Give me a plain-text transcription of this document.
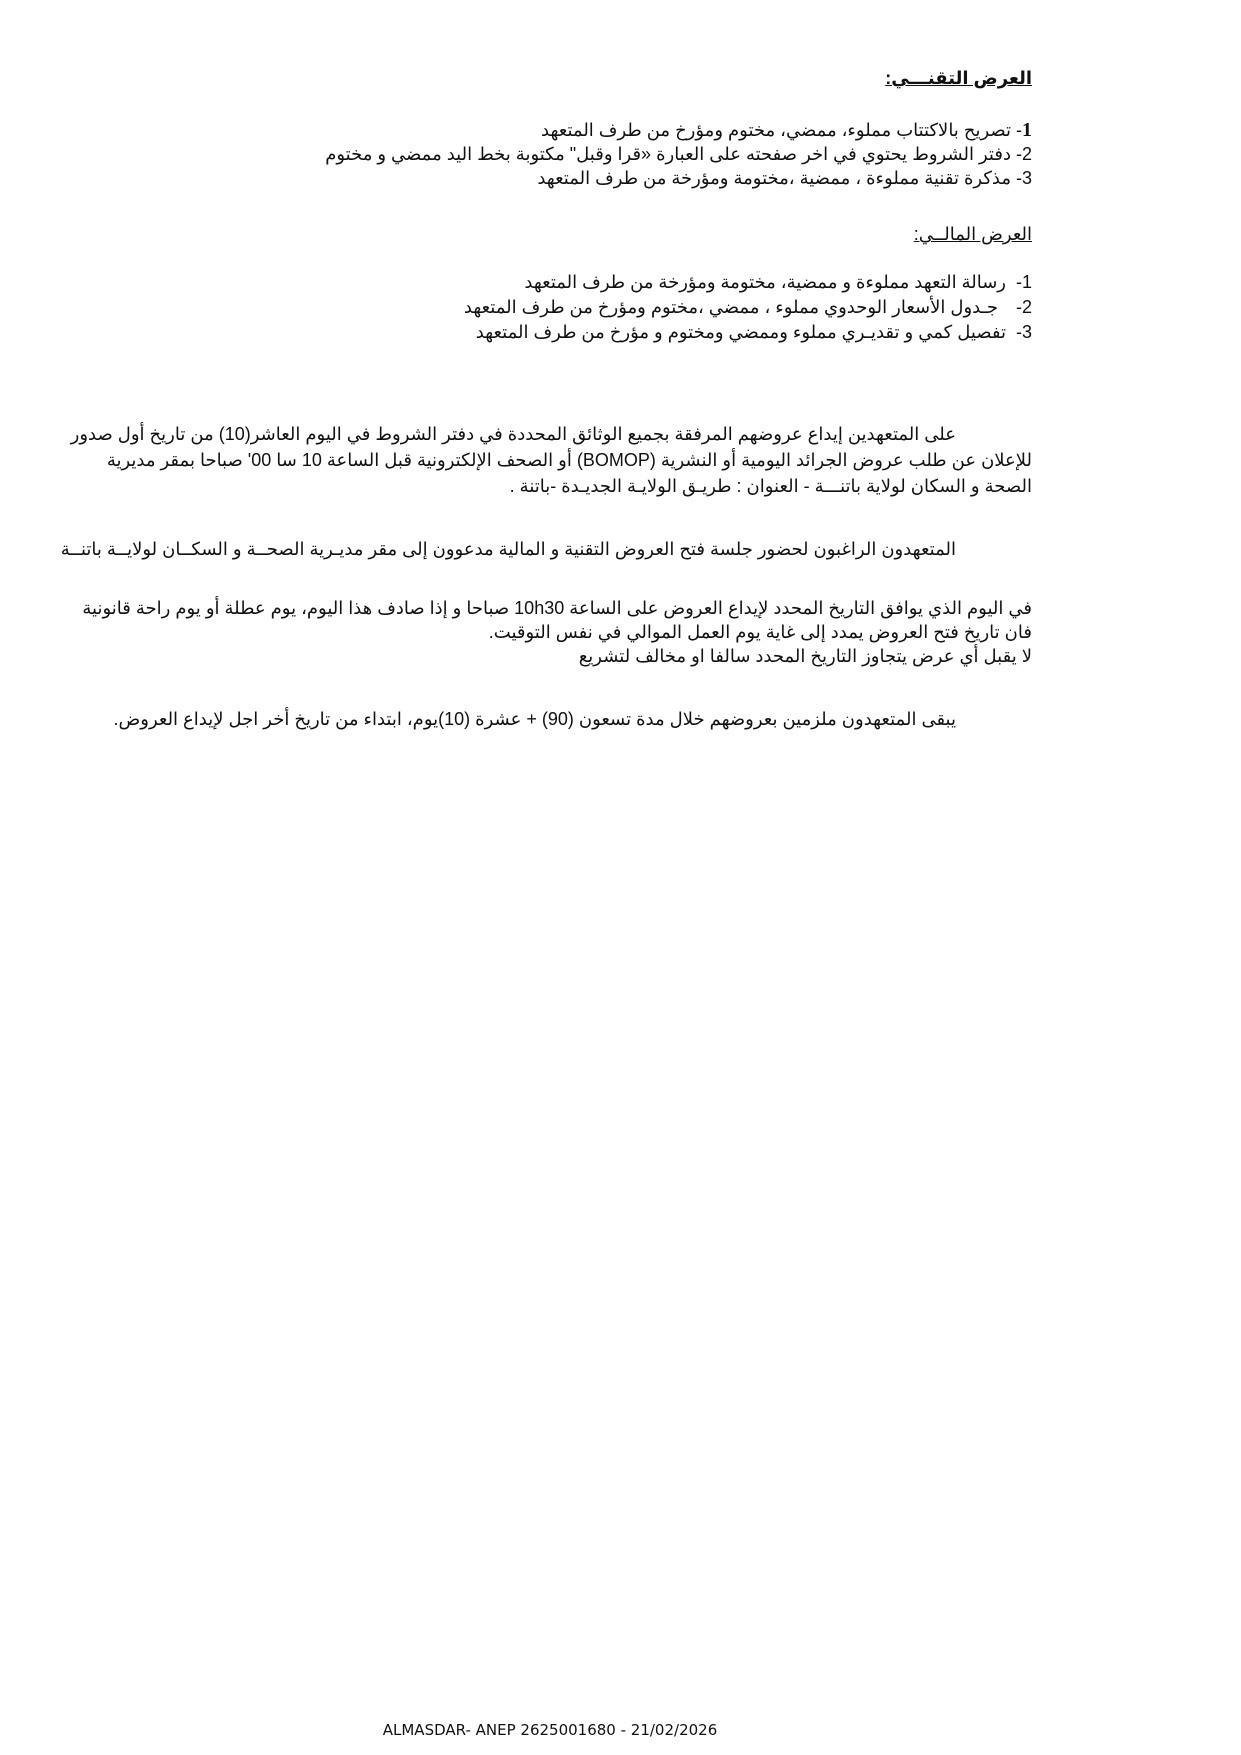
العرض التقنـــي:
1- تصريح بالاكتتاب مملوء، ممضي، مختوم ومؤرخ من طرف المتعهد
2- دفتر الشروط يحتوي في اخر صفحته على العبارة «قرا وقبل" مكتوبة بخط اليد ممضي و مختوم
3- مذكرة تقنية مملوءة ، ممضية ،مختومة ومؤرخة من طرف المتعهد
العرض المالــي:
1-رسالة التعهد مملوءة و ممضية، مختومة ومؤرخة من طرف المتعهد
2-جـدول الأسعار الوحدوي مملوء ، ممضي ،مختوم ومؤرخ من طرف المتعهد
3-تفصيل كمي و تقديـري مملوء وممضي ومختوم و مؤرخ من طرف المتعهد
على المتعهدين إيداع عروضهم المرفقة بجميع الوثائق المحددة في دفتر الشروط في اليوم العاشر(10) من تاريخ أول صدور
للإعلان عن طلب عروض الجرائد اليومية أو النشرية (BOMOP) أو الصحف الإلكترونية قبل الساعة 10 سا 00' صباحا بمقر مديرية
الصحة و السكان لولاية باتنـــة - العنوان : طريـق الولايـة الجديـدة -باتنة .
المتعهدون الراغبون لحضور جلسة فتح العروض التقنية و المالية مدعوون إلى مقر مديـرية الصحــة و السكــان لولايــة باتنــة
في اليوم الذي يوافق التاريخ المحدد لإيداع العروض على الساعة 10h30 صباحا و إذا صادف هذا اليوم، يوم عطلة أو يوم راحة قانونية
فان تاريخ فتح العروض يمدد إلى غاية يوم العمل الموالي في نفس التوقيت.
لا يقبل أي عرض يتجاوز التاريخ المحدد سالفا او مخالف لتشريع
يبقى المتعهدون ملزمين بعروضهم خلال مدة تسعون (90) + عشرة (10)يوم، ابتداء من تاريخ أخر اجل لإيداع العروض.
ALMASDAR- ANEP 2625001680 - 21/02/2026
